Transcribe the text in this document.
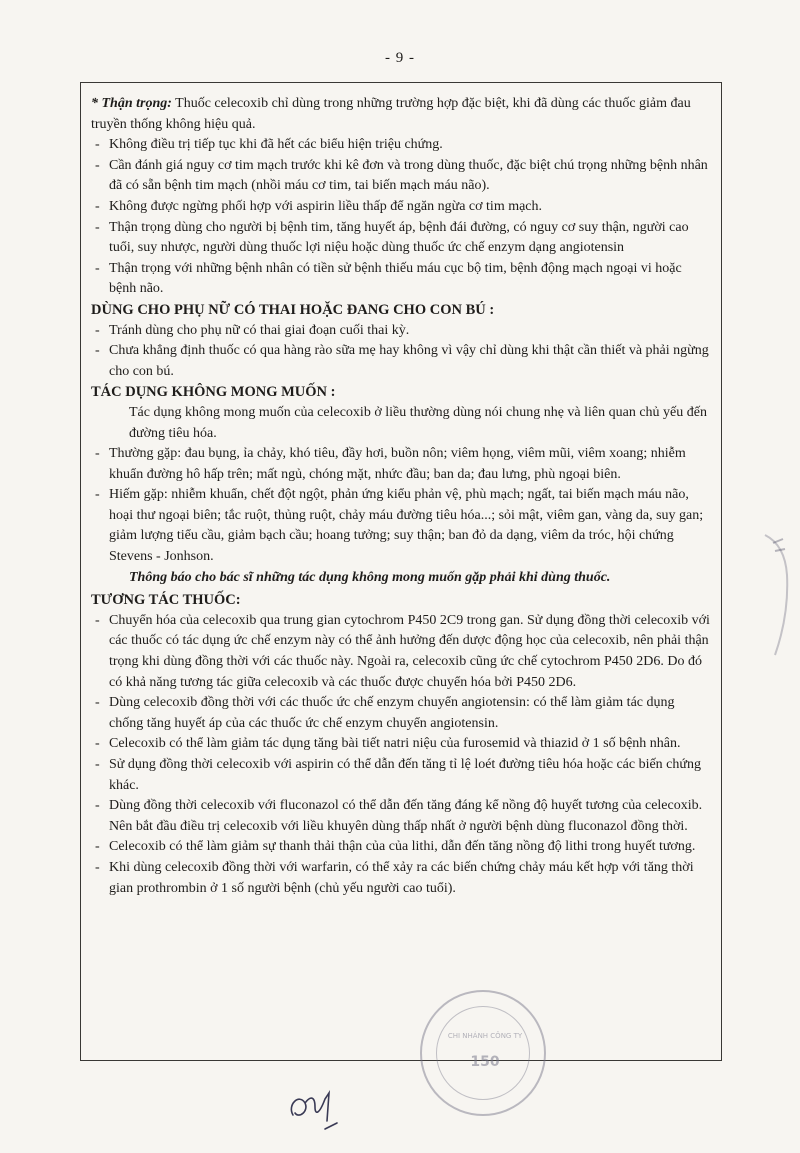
- 9 -

* Thận trọng: Thuốc celecoxib chỉ dùng trong những trường hợp đặc biệt, khi đã dùng các thuốc giảm đau truyền thống không hiệu quả.

- Không điều trị tiếp tục khi đã hết các biểu hiện triệu chứng.
- Cần đánh giá nguy cơ tim mạch trước khi kê đơn và trong dùng thuốc, đặc biệt chú trọng những bệnh nhân đã có sẵn bệnh tim mạch (nhồi máu cơ tim, tai biến mạch máu não).
- Không được ngừng phối hợp với aspirin liều thấp để ngăn ngừa cơ tim mạch.
- Thận trọng dùng cho người bị bệnh tim, tăng huyết áp, bệnh đái đường, có nguy cơ suy thận, người cao tuổi, suy nhược, người dùng thuốc lợi niệu hoặc dùng thuốc ức chế enzym dạng angiotensin
- Thận trọng với những bệnh nhân có tiền sử bệnh thiếu máu cục bộ tim, bệnh động mạch ngoại vi hoặc bệnh não.
DÙNG CHO PHỤ NỮ CÓ THAI HOẶC ĐANG CHO CON BÚ :
- Tránh dùng cho phụ nữ có thai giai đoạn cuối thai kỳ.
- Chưa khẳng định thuốc có qua hàng rào sữa mẹ hay không vì vậy chỉ dùng khi thật cần thiết và phải ngừng cho con bú.
TÁC DỤNG KHÔNG MONG MUỐN :

Tác dụng không mong muốn của celecoxib ở liều thường dùng nói chung nhẹ và liên quan chủ yếu đến đường tiêu hóa.

- Thường gặp: đau bụng, ỉa chảy, khó tiêu, đầy hơi, buồn nôn; viêm họng, viêm mũi, viêm xoang; nhiễm khuẩn đường hô hấp trên; mất ngủ, chóng mặt, nhức đầu; ban da; đau lưng, phù ngoại biên.
- Hiếm gặp: nhiễm khuẩn, chết đột ngột, phản ứng kiểu phản vệ, phù mạch; ngất, tai biến mạch máu não, hoại thư ngoại biên; tắc ruột, thủng ruột, chảy máu đường tiêu hóa...; sỏi mật, viêm gan, vàng da, suy gan; giảm lượng tiểu cầu, giảm bạch cầu; hoang tưởng; suy thận; ban đỏ da dạng, viêm da tróc, hội chứng Stevens - Jonhson.

Thông báo cho bác sĩ những tác dụng không mong muốn gặp phải khi dùng thuốc.

TƯƠNG TÁC THUỐC:
- Chuyển hóa của celecoxib qua trung gian cytochrom P450 2C9 trong gan. Sử dụng đồng thời celecoxib với các thuốc có tác dụng ức chế enzym này có thể ảnh hưởng đến dược động học của celecoxib, nên phải thận trọng khi dùng đồng thời với các thuốc này. Ngoài ra, celecoxib cũng ức chế cytochrom P450 2D6. Do đó có khả năng tương tác giữa celecoxib và các thuốc được chuyển hóa bởi P450 2D6.
- Dùng celecoxib đồng thời với các thuốc ức chế enzym chuyển angiotensin: có thể làm giảm tác dụng chống tăng huyết áp của các thuốc ức chế enzym chuyển angiotensin.
- Celecoxib có thể làm giảm tác dụng tăng bài tiết natri niệu của furosemid và thiazid ở 1 số bệnh nhân.
- Sử dụng đồng thời celecoxib với aspirin có thể dẫn đến tăng tỉ lệ loét đường tiêu hóa hoặc các biến chứng khác.
- Dùng đồng thời celecoxib với fluconazol có thể dẫn đến tăng đáng kể nồng độ huyết tương của celecoxib. Nên bắt đầu điều trị celecoxib với liều khuyên dùng thấp nhất ở người bệnh dùng fluconazol đồng thời.
- Celecoxib có thể làm giảm sự thanh thải thận của của lithi, dẫn đến tăng nồng độ lithi trong huyết tương.
- Khi dùng celecoxib đồng thời với warfarin, có thể xảy ra các biến chứng chảy máu kết hợp với tăng thời gian prothrombin ở 1 số người bệnh (chủ yếu người cao tuổi).
CHI NHÁNH CÔNG TY
150
